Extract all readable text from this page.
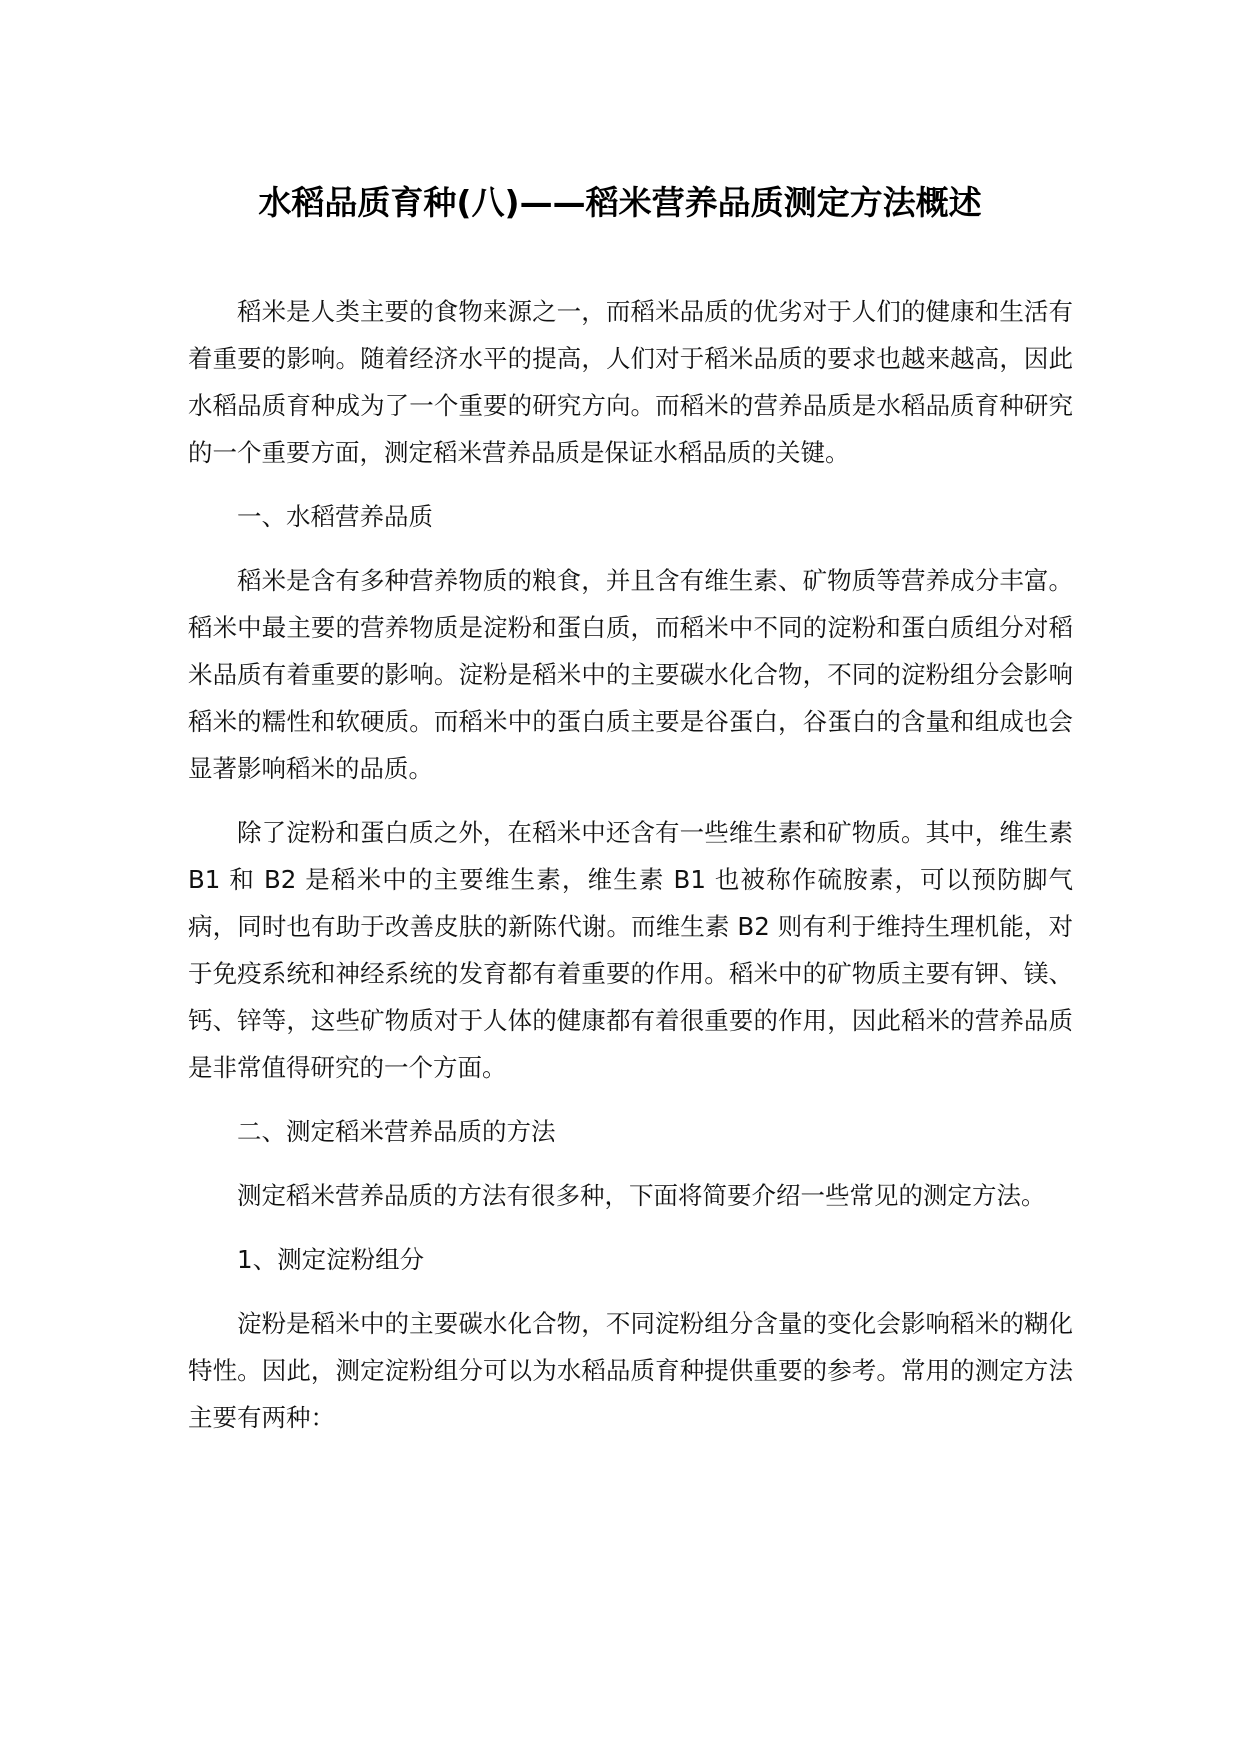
水稻品质育种(八)——稻米营养品质测定方法概述

稻米是人类主要的食物来源之一，而稻米品质的优劣对于人们的健康和生活有着重要的影响。随着经济水平的提高，人们对于稻米品质的要求也越来越高，因此水稻品质育种成为了一个重要的研究方向。而稻米的营养品质是水稻品质育种研究的一个重要方面，测定稻米营养品质是保证水稻品质的关键。

一、水稻营养品质

稻米是含有多种营养物质的粮食，并且含有维生素、矿物质等营养成分丰富。稻米中最主要的营养物质是淀粉和蛋白质，而稻米中不同的淀粉和蛋白质组分对稻米品质有着重要的影响。淀粉是稻米中的主要碳水化合物，不同的淀粉组分会影响稻米的糯性和软硬质。而稻米中的蛋白质主要是谷蛋白，谷蛋白的含量和组成也会显著影响稻米的品质。

除了淀粉和蛋白质之外，在稻米中还含有一些维生素和矿物质。其中，维生素 B1 和 B2 是稻米中的主要维生素，维生素 B1 也被称作硫胺素，可以预防脚气病，同时也有助于改善皮肤的新陈代谢。而维生素 B2 则有利于维持生理机能，对于免疫系统和神经系统的发育都有着重要的作用。稻米中的矿物质主要有钾、镁、钙、锌等，这些矿物质对于人体的健康都有着很重要的作用，因此稻米的营养品质是非常值得研究的一个方面。

二、测定稻米营养品质的方法

测定稻米营养品质的方法有很多种，下面将简要介绍一些常见的测定方法。

1、测定淀粉组分

淀粉是稻米中的主要碳水化合物，不同淀粉组分含量的变化会影响稻米的糊化特性。因此，测定淀粉组分可以为水稻品质育种提供重要的参考。常用的测定方法主要有两种：
